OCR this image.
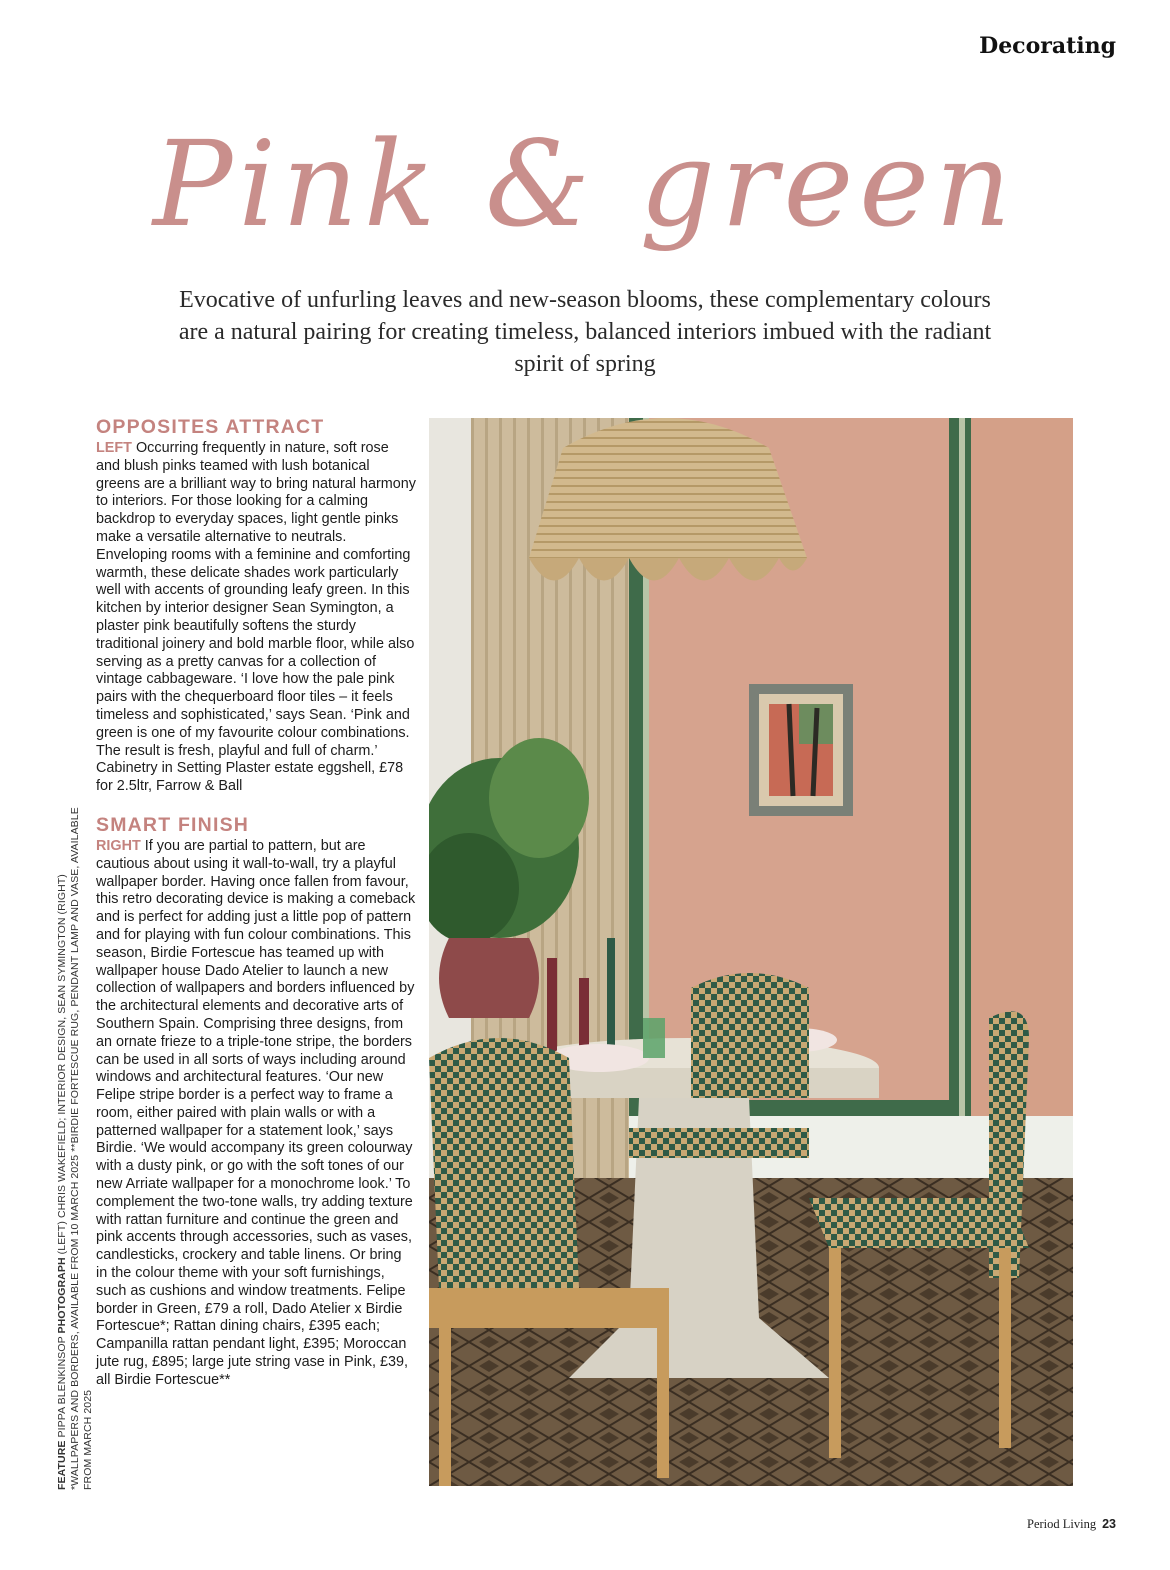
Decorating
Pink & green

Evocative of unfurling leaves and new-season blooms, these complementary colours are a natural pairing for creating timeless, balanced interiors imbued with the radiant spirit of spring

FEATURE PIPPA BLENKINSOP PHOTOGRAPH (LEFT) CHRIS WAKEFIELD; INTERIOR DESIGN, SEAN SYMINGTON (RIGHT) *WALLPAPERS AND BORDERS, AVAILABLE FROM 10 MARCH 2025 **BIRDIE FORTESCUE RUG, PENDANT LAMP AND VASE, AVAILABLE FROM MARCH 2025
OPPOSITES ATTRACT

LEFT Occurring frequently in nature, soft rose and blush pinks teamed with lush botanical greens are a brilliant way to bring natural harmony to interiors. For those looking for a calming backdrop to everyday spaces, light gentle pinks make a versatile alternative to neutrals. Enveloping rooms with a feminine and comforting warmth, these delicate shades work particularly well with accents of grounding leafy green. In this kitchen by interior designer Sean Symington, a plaster pink beautifully softens the sturdy traditional joinery and bold marble floor, while also serving as a pretty canvas for a collection of vintage cabbageware. ‘I love how the pale pink pairs with the chequerboard floor tiles – it feels timeless and sophisticated,’ says Sean. ‘Pink and green is one of my favourite colour combinations. The result is fresh, playful and full of charm.’ Cabinetry in Setting Plaster estate eggshell, £78 for 2.5ltr, Farrow & Ball

SMART FINISH

RIGHT If you are partial to pattern, but are cautious about using it wall-to-wall, try a playful wallpaper border. Having once fallen from favour, this retro decorating device is making a comeback and is perfect for adding just a little pop of pattern and for playing with fun colour combinations. This season, Birdie Fortescue has teamed up with wallpaper house Dado Atelier to launch a new collection of wallpapers and borders influenced by the architectural elements and decorative arts of Southern Spain. Comprising three designs, from an ornate frieze to a triple-tone stripe, the borders can be used in all sorts of ways including around windows and architectural features. ‘Our new Felipe stripe border is a perfect way to frame a room, either paired with plain walls or with a patterned wallpaper for a statement look,’ says Birdie. ‘We would accompany its green colourway with a dusty pink, or go with the soft tones of our new Arriate wallpaper for a monochrome look.’ To complement the two-tone walls, try adding texture with rattan furniture and continue the green and pink accents through accessories, such as vases, candlesticks, crockery and table linens. Or bring in the colour theme with your soft furnishings, such as cushions and window treatments. Felipe border in Green, £79 a roll, Dado Atelier x Birdie Fortescue*; Rattan dining chairs, £395 each; Campanilla rattan pendant light, £395; Moroccan jute rug, £895; large jute string vase in Pink, £39, all Birdie Fortescue**

Period Living 23
